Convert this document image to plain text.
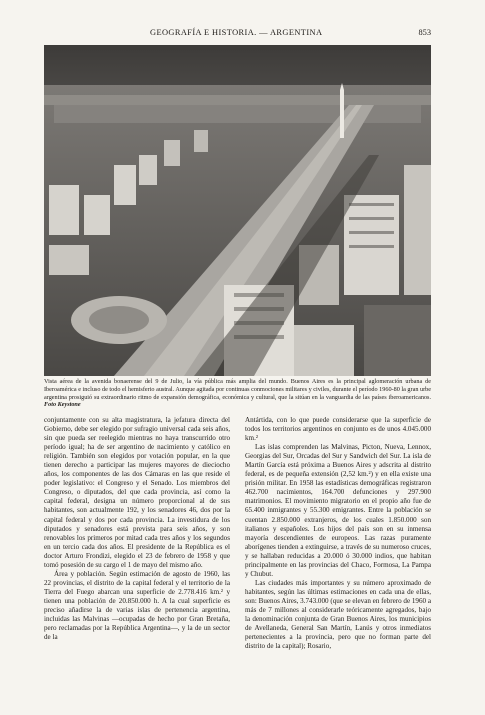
GEOGRAFÍA E HISTORIA. — ARGENTINA	853
Vista aérea de la avenida bonaerense del 9 de Julio, la vía pública más amplia del mundo. Buenos Aires es la principal aglomeración urbana de Iberoamérica e incluso de todo el hemisferio austral. Aunque agitada por continuas conmociones militares y civiles, durante el período 1960-80 la gran urbe argentina prosiguió su extraordinario ritmo de expansión demográfica, económica y cultural, que la sitúan en la vanguardia de las países iberoamericanos. Foto Keystone

conjuntamente con su alta magistratura, la jefatura directa del Gobierno, debe ser elegido por sufragio universal cada seis años, sin que pueda ser reelegido mientras no haya transcurrido otro período igual; ha de ser argentino de nacimiento y católico en religión. También son elegidos por votación popular, en la que tienen derecho a participar las mujeres mayores de dieciocho años, los componentes de las dos Cámaras en las que reside el poder legislativo: el Congreso y el Senado. Los miembros del Congreso, o diputados, del que cada provincia, así como la capital federal, designa un número proporcional al de sus habitantes, son actualmente 192, y los senadores 46, dos por la capital federal y dos por cada provincia. La investidura de los diputados y senadores está prevista para seis años, y son renovables los primeros por mitad cada tres años y los segundos en un tercio cada dos años. El presidente de la República es el doctor Arturo Frondizi, elegido el 23 de febrero de 1958 y que tomó posesión de su cargo el 1 de mayo del mismo año.

Área y población. Según estimación de agosto de 1960, las 22 provincias, el distrito de la capital federal y el territorio de la Tierra del Fuego abarcan una superficie de 2.778.416 km.² y tienen una población de 20.850.000 h. A la cual superficie es preciso añadirse la de varias islas de pertenencia argentina, incluidas las Malvinas —ocupadas de hecho por Gran Bretaña, pero reclamadas por la República Argentina—, y la de un sector de la

Antártida, con lo que puede considerarse que la superficie de todos los territorios argentinos en conjunto es de unos 4.045.000 km.²

Las islas comprenden las Malvinas, Picton, Nueva, Lennox, Georgias del Sur, Orcadas del Sur y Sandwich del Sur. La isla de Martín García está próxima a Buenos Aires y adscrita al distrito federal, es de pequeña extensión (2,52 km.²) y en ella existe una prisión militar. En 1958 las estadísticas demográficas registraron 462.700 nacimientos, 164.700 defunciones y 297.900 matrimonios. El movimiento migratorio en el propio año fue de 65.400 inmigrantes y 55.300 emigrantes. Entre la población se cuentan 2.850.000 extranjeros, de los cuales 1.850.000 son italianos y españoles. Los hijos del país son en su inmensa mayoría descendientes de europeos. Las razas puramente aborígenes tienden a extinguirse, a través de su numeroso cruces, y se hallaban reducidas a 20.000 ó 30.000 indios, que habitan principalmente en las provincias del Chaco, Formosa, La Pampa y Chubut.

Las ciudades más importantes y su número aproximado de habitantes, según las últimas estimaciones en cada una de ellas, son: Buenos Aires, 3.743.000 (que se elevan en febrero de 1960 a más de 7 millones al considerarle teóricamente agregados, bajo la denominación conjunta de Gran Buenos Aires, los municipios de Avellaneda, General San Martín, Lanús y otros inmediatos pertenecientes a la provincia, pero que no forman parte del distrito de la capital); Rosario,
